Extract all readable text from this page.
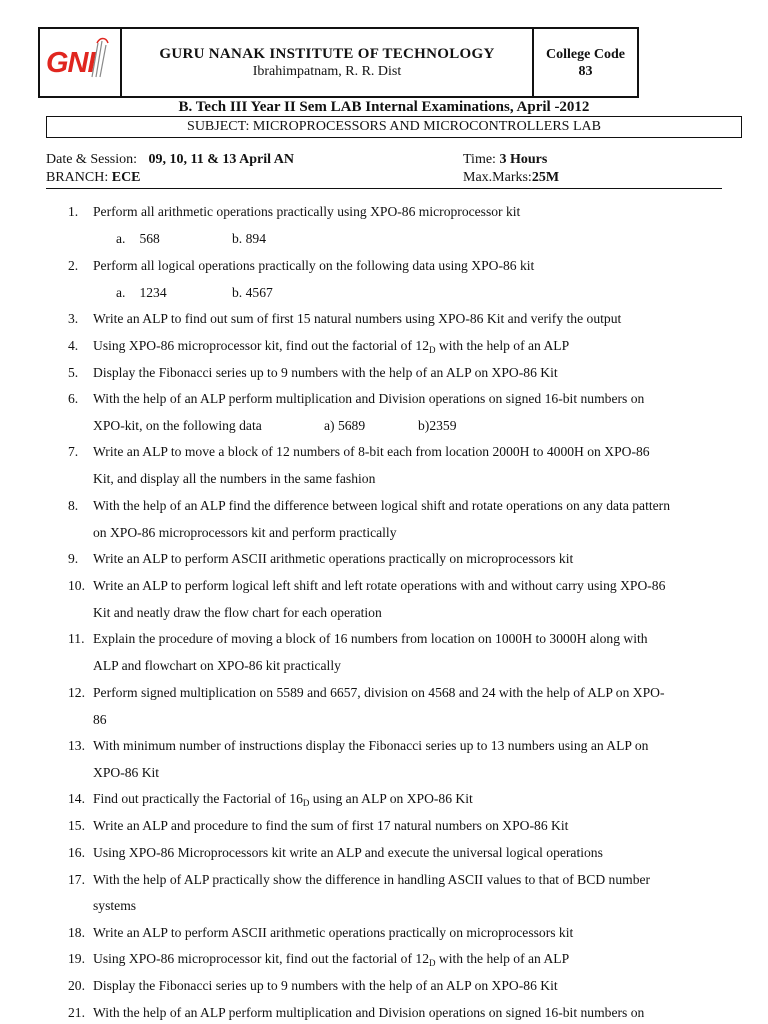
GNI	GURU NANAK INSTITUTE OF TECHNOLOGY
Ibrahimpatnam, R. R. Dist
College Code
83
B. Tech III Year II Sem LAB Internal Examinations, April -2012
SUBJECT: MICROPROCESSORS AND MICROCONTROLLERS LAB
Date & Session: 09, 10, 11 & 13 April AN	Time: 3 Hours
BRANCH: ECE	Max.Marks:25M
1. Perform all arithmetic operations practically using XPO-86 microprocessor kit
a. 568	b. 894
2. Perform all logical operations practically on the following data using XPO-86 kit
a. 1234	b. 4567
3. Write an ALP to find out sum of first 15 natural numbers using XPO-86 Kit and verify the output
4. Using XPO-86 microprocessor kit, find out the factorial of $12_D$ with the help of an ALP
5. Display the Fibonacci series up to 9 numbers with the help of an ALP on XPO-86 Kit
6. With the help of an ALP perform multiplication and Division operations on signed 16-bit numbers on
XPO-kit, on the following data	a) 5689	b)2359
7. Write an ALP to move a block of 12 numbers of 8-bit each from location 2000H to 4000H on XPO-86
Kit, and display all the numbers in the same fashion
8. With the help of an ALP find the difference between logical shift and rotate operations on any data pattern
on XPO-86 microprocessors kit and perform practically
9. Write an ALP to perform ASCII arithmetic operations practically on microprocessors kit
10. Write an ALP to perform logical left shift and left rotate operations with and without carry using XPO-86
Kit and neatly draw the flow chart for each operation
11. Explain the procedure of moving a block of 16 numbers from location on 1000H to 3000H along with
ALP and flowchart on XPO-86 kit practically
12. Perform signed multiplication on 5589 and 6657, division on 4568 and 24 with the help of ALP on XPO-
86
13. With minimum number of instructions display the Fibonacci series up to 13 numbers using an ALP on
XPO-86 Kit
14. Find out practically the Factorial of $16_D$ using an ALP on XPO-86 Kit
15. Write an ALP and procedure to find the sum of first 17 natural numbers on XPO-86 Kit
16. Using XPO-86 Microprocessors kit write an ALP and execute the universal logical operations
17. With the help of ALP practically show the difference in handling ASCII values to that of BCD number
systems
18. Write an ALP to perform ASCII arithmetic operations practically on microprocessors kit
19. Using XPO-86 microprocessor kit, find out the factorial of $12_D$ with the help of an ALP
20. Display the Fibonacci series up to 9 numbers with the help of an ALP on XPO-86 Kit
21. With the help of an ALP perform multiplication and Division operations on signed 16-bit numbers on
